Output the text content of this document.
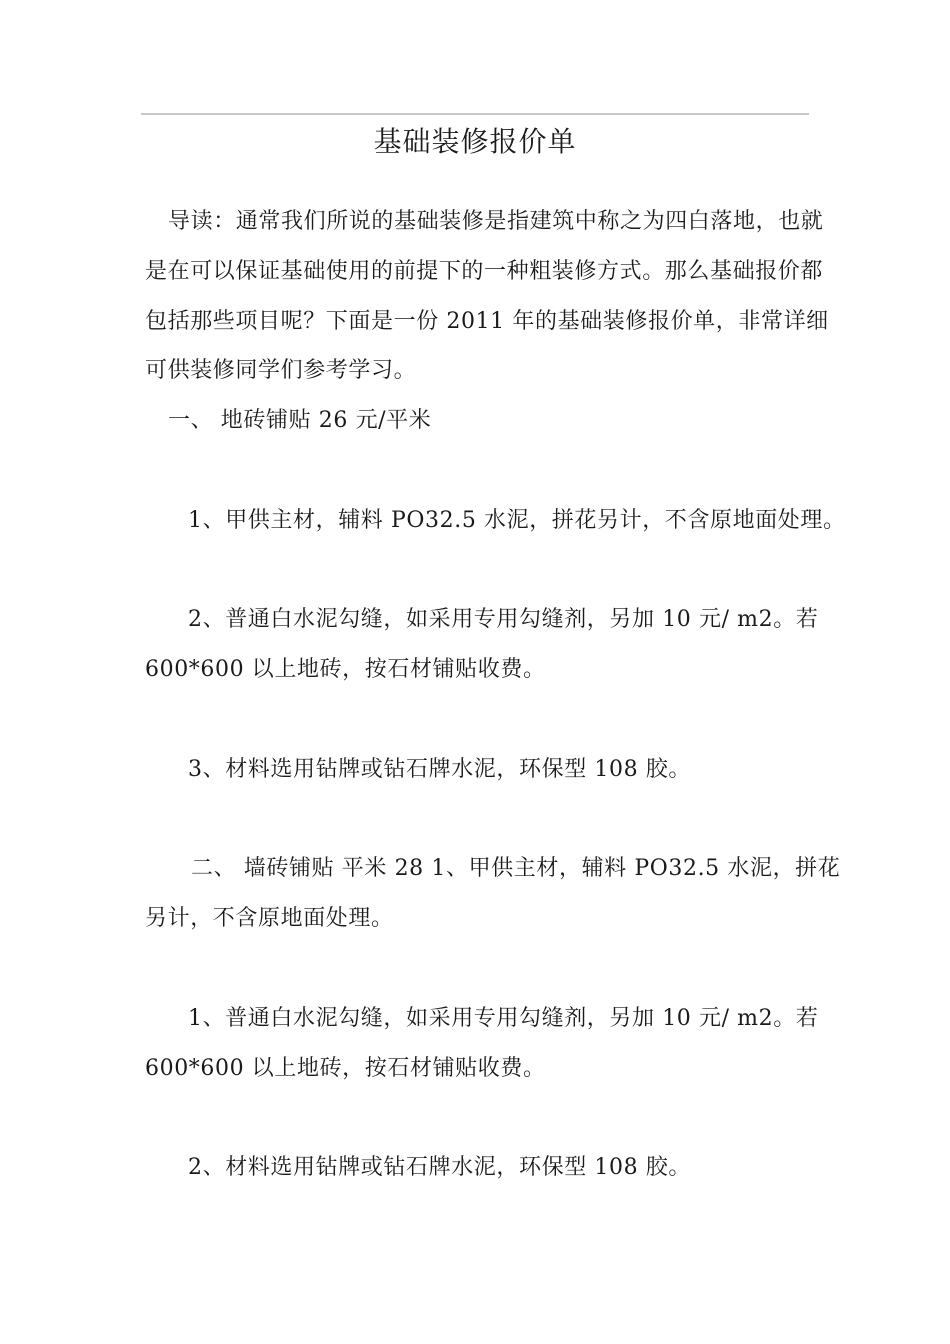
基础装修报价单
导读：通常我们所说的基础装修是指建筑中称之为四白落地，也就
是在可以保证基础使用的前提下的一种粗装修方式。那么基础报价都
包括那些项目呢？下面是一份 2011 年的基础装修报价单，非常详细
可供装修同学们参考学习。
一、 地砖铺贴 26 元/平米
1、甲供主材，辅料 PO32.5 水泥，拼花另计，不含原地面处理。
2、普通白水泥勾缝，如采用专用勾缝剂，另加 10 元/ m2。若
600*600 以上地砖，按石材铺贴收费。
3、材料选用钻牌或钻石牌水泥，环保型 108 胶。
二、 墙砖铺贴 平米 28 1、甲供主材，辅料 PO32.5 水泥，拼花
另计，不含原地面处理。
1、普通白水泥勾缝，如采用专用勾缝剂，另加 10 元/ m2。若
600*600 以上地砖，按石材铺贴收费。
2、材料选用钻牌或钻石牌水泥，环保型 108 胶。
